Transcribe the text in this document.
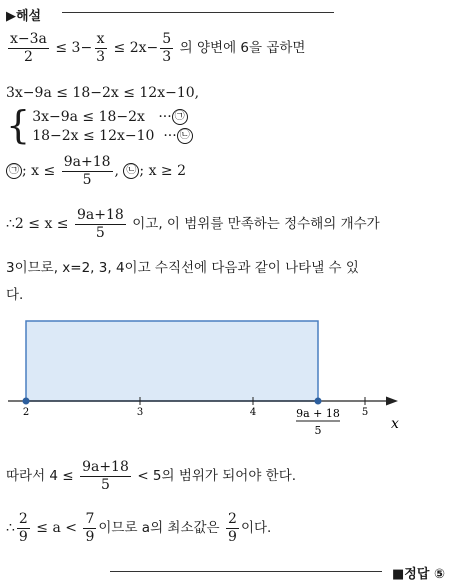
▶해설
$\frac{x-3a}{2} \le 3- \frac{x}{3} \le 2x- \frac{5}{3}$ 의 양변에 6을 곱하면
3x−9a ≤ 18−2x ≤ 12x−10,
{ 3x−9a ≤ 18−2x ··· ㉠
18−2x ≤ 12x−10 ··· ㉡
㉠ ; $x \le \frac{9a+18}{5}$ , ㉡ ; x ≥ 2
∴2 ≤ $x \le \frac{9a+18}{5}$ 이고, 이 범위를 만족하는 정수해의 개수가
3이므로, x=2, 3, 4이고 수직선에 다음과 같이 나타낼 수 있
다.
2	3	4	5
9a + 18
5	x
따라서 $4 \le \frac{9a+18}{5} < 5$의 범위가 되어야 한다.
∴ $\frac{2}{9} \le a < \frac{7}{9}$ 이므로 a의 최소값은 $\frac{2}{9}$ 이다.
■정답 ⑤
